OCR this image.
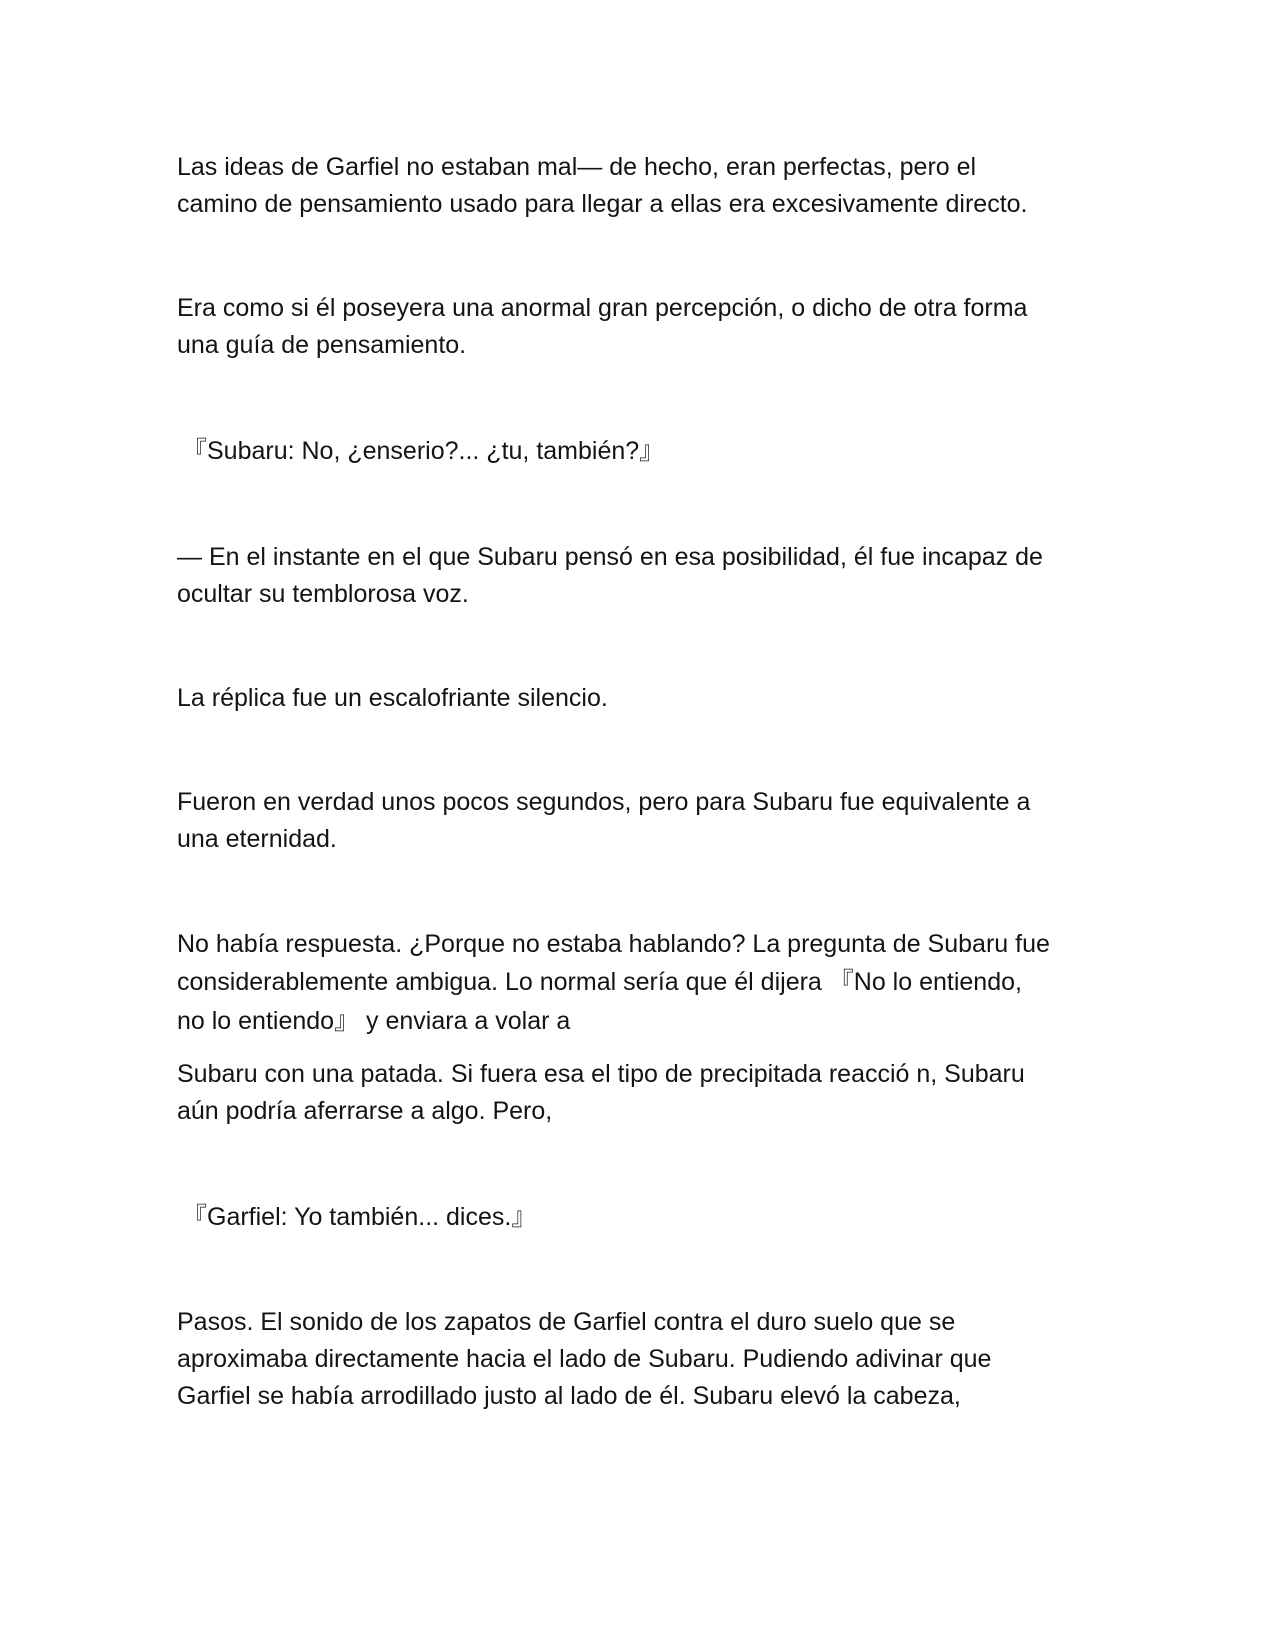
Las ideas de Garfiel no estaban mal— de hecho, eran perfectas, pero el

camino de pensamiento usado para llegar a ellas era excesivamente directo.

Era como si él poseyera una anormal gran percepción, o dicho de otra forma

una guía de pensamiento.

『Subaru: No, ¿enserio?... ¿tu, también?』

— En el instante en el que Subaru pensó en esa posibilidad, él fue incapaz de

ocultar su temblorosa voz.

La réplica fue un escalofriante silencio.

Fueron en verdad unos pocos segundos, pero para Subaru fue equivalente a

una eternidad.

No había respuesta. ¿Porque no estaba hablando? La pregunta de Subaru fue

considerablemente ambigua. Lo normal sería que él dijera 『No lo entiendo,

no lo entiendo』 y enviara a volar a

Subaru con una patada. Si fuera esa el tipo de precipitada reacció n, Subaru

aún podría aferrarse a algo. Pero,

『Garfiel: Yo también... dices.』

Pasos. El sonido de los zapatos de Garfiel contra el duro suelo que se

aproximaba directamente hacia el lado de Subaru. Pudiendo adivinar que

Garfiel se había arrodillado justo al lado de él. Subaru elevó la cabeza,
